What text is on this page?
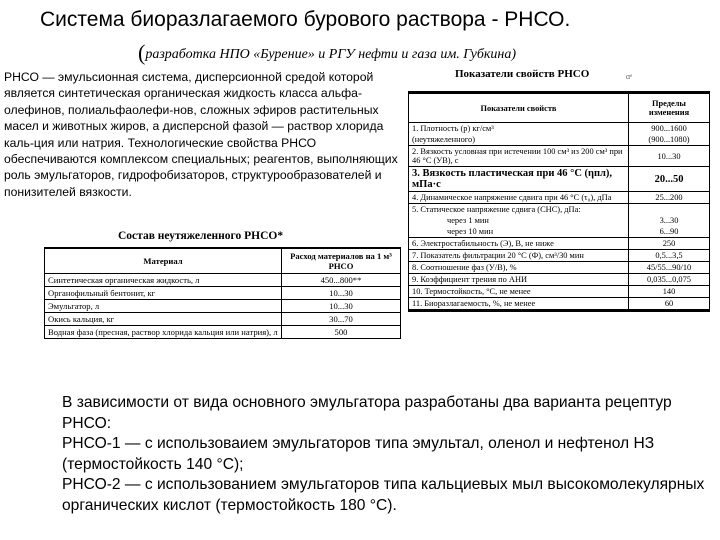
Система биоразлагаемого бурового раствора - РНСО.
(разработка НПО «Бурение» и РГУ нефти и газа им. Губкина)
РНСО — эмульсионная система, дисперсионной средой которой является синтетическая органическая жидкость класса альфа-олефинов, полиальфаолефи-нов, сложных эфиров растительных масел и животных жиров, а дисперсной фазой — раствор хлорида каль-ция или натрия. Технологические свойства РНСО обеспечиваются комплексом специальных; реагентов, выполняющих роль эмульгаторов, гидрофобизаторов, структурообразователей и понизителей вязкости.
Состав неутяжеленного РНСО*
Материал	Расход материалов на 1 м³ РНСО
Синтетическая органическая жидкость, л	450...800**
Органофильный бентонит, кг	10...30
Эмульгатор, л	10...30
Окись кальция, кг	30...70
Водная фаза (пресная, раствор хлорида кальция или натрия), л	500
Показатели свойств РНСО	ɑᵉ
Показатели свойств	Пределы изменения
1. Плотность (р) кг/см³	900...1600
(неутяжеленного)	(900...1080)
2. Вязкость условная при истечении 100 см³ из 200 см³ при 46 °С (УВ), с	10...30
3. Вязкость пластическая при 46 °С (ηпл), мПа·с	20...50
4. Динамическое напряжение сдвига при 46 °С (τ₀), дПа	25...200
5. Статическое напряжение сдвига (СНС), дПа:	
через 1 мин	3...30
через 10 мин	6...90
6. Электростабильность (Э), В, не ниже	250
7. Показатель фильтрации 20 °С (Ф), см³/30 мин	0,5...3,5
8. Соотношение фаз (У/В), %	45/55...90/10
9. Коэффициент трения по АНИ	0,035...0,075
10. Термостойкость, °С, не менее	140
11. Биоразлагаемость, %, не менее	60
В зависимости от вида основного эмульгатора разработаны два варианта рецептур РНСО:
РНСО-1 — с использоваием эмульгаторов типа эмультал, оленол и нефтенол НЗ (термостойкость 140 °С);
РНСО-2 — с использованием эмульгаторов типа кальциевых мыл высокомолекулярных органических кислот (термостойкость 180 °С).
